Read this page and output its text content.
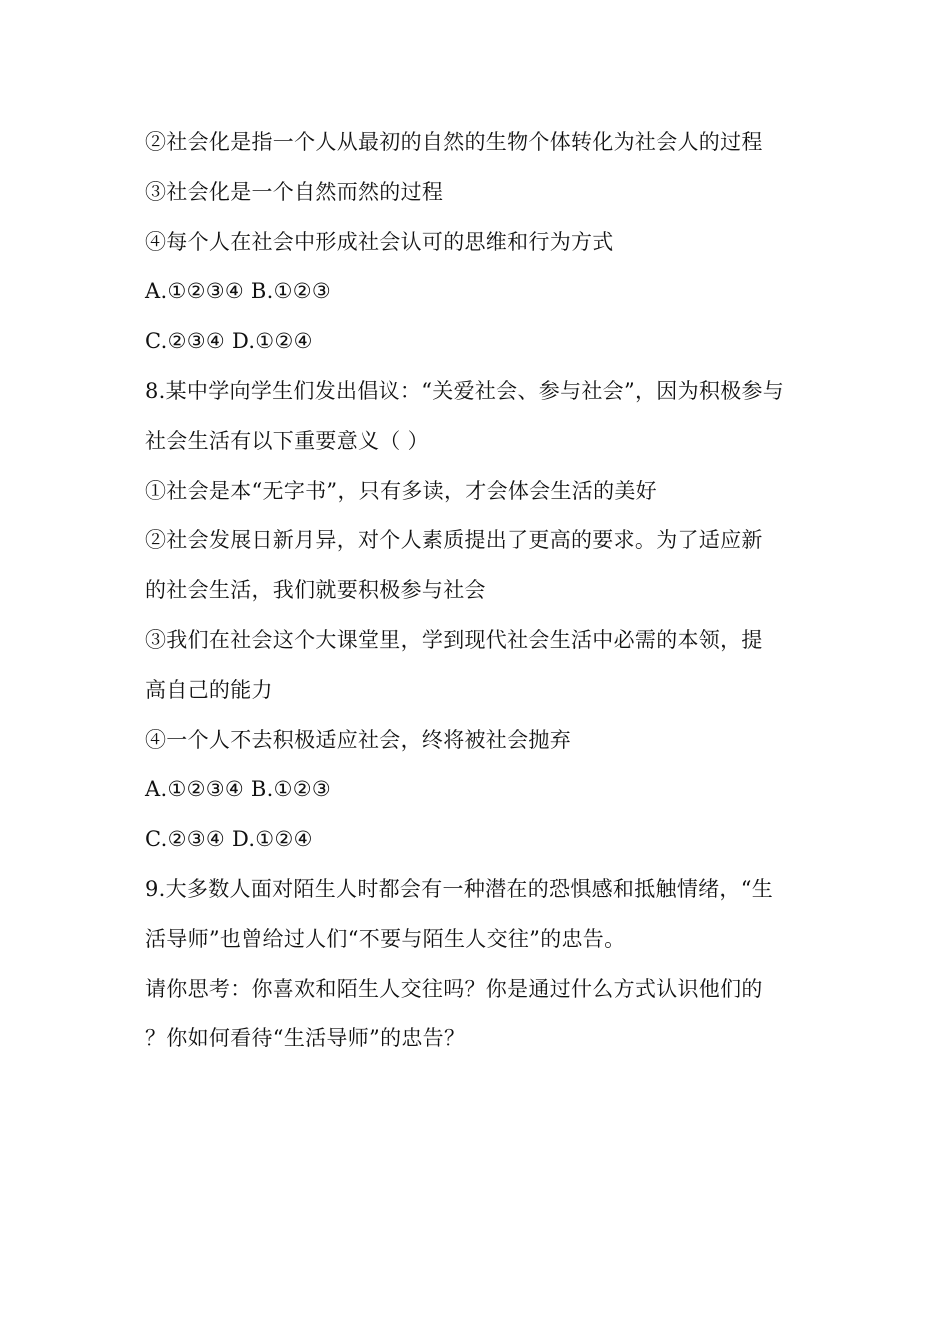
②社会化是指一个人从最初的自然的生物个体转化为社会人的过程
③社会化是一个自然而然的过程
④每个人在社会中形成社会认可的思维和行为方式
A.①②③④ B.①②③
C.②③④ D.①②④
8.某中学向学生们发出倡议：“关爱社会、参与社会”，因为积极参与
社会生活有以下重要意义（ ）
①社会是本“无字书”，只有多读，才会体会生活的美好
②社会发展日新月异，对个人素质提出了更高的要求。为了适应新
的社会生活，我们就要积极参与社会
③我们在社会这个大课堂里，学到现代社会生活中必需的本领，提
高自己的能力
④一个人不去积极适应社会，终将被社会抛弃
A.①②③④ B.①②③
C.②③④ D.①②④
9.大多数人面对陌生人时都会有一种潜在的恐惧感和抵触情绪，“生
活导师”也曾给过人们“不要与陌生人交往”的忠告。
请你思考：你喜欢和陌生人交往吗？你是通过什么方式认识他们的
？你如何看待“生活导师”的忠告？
